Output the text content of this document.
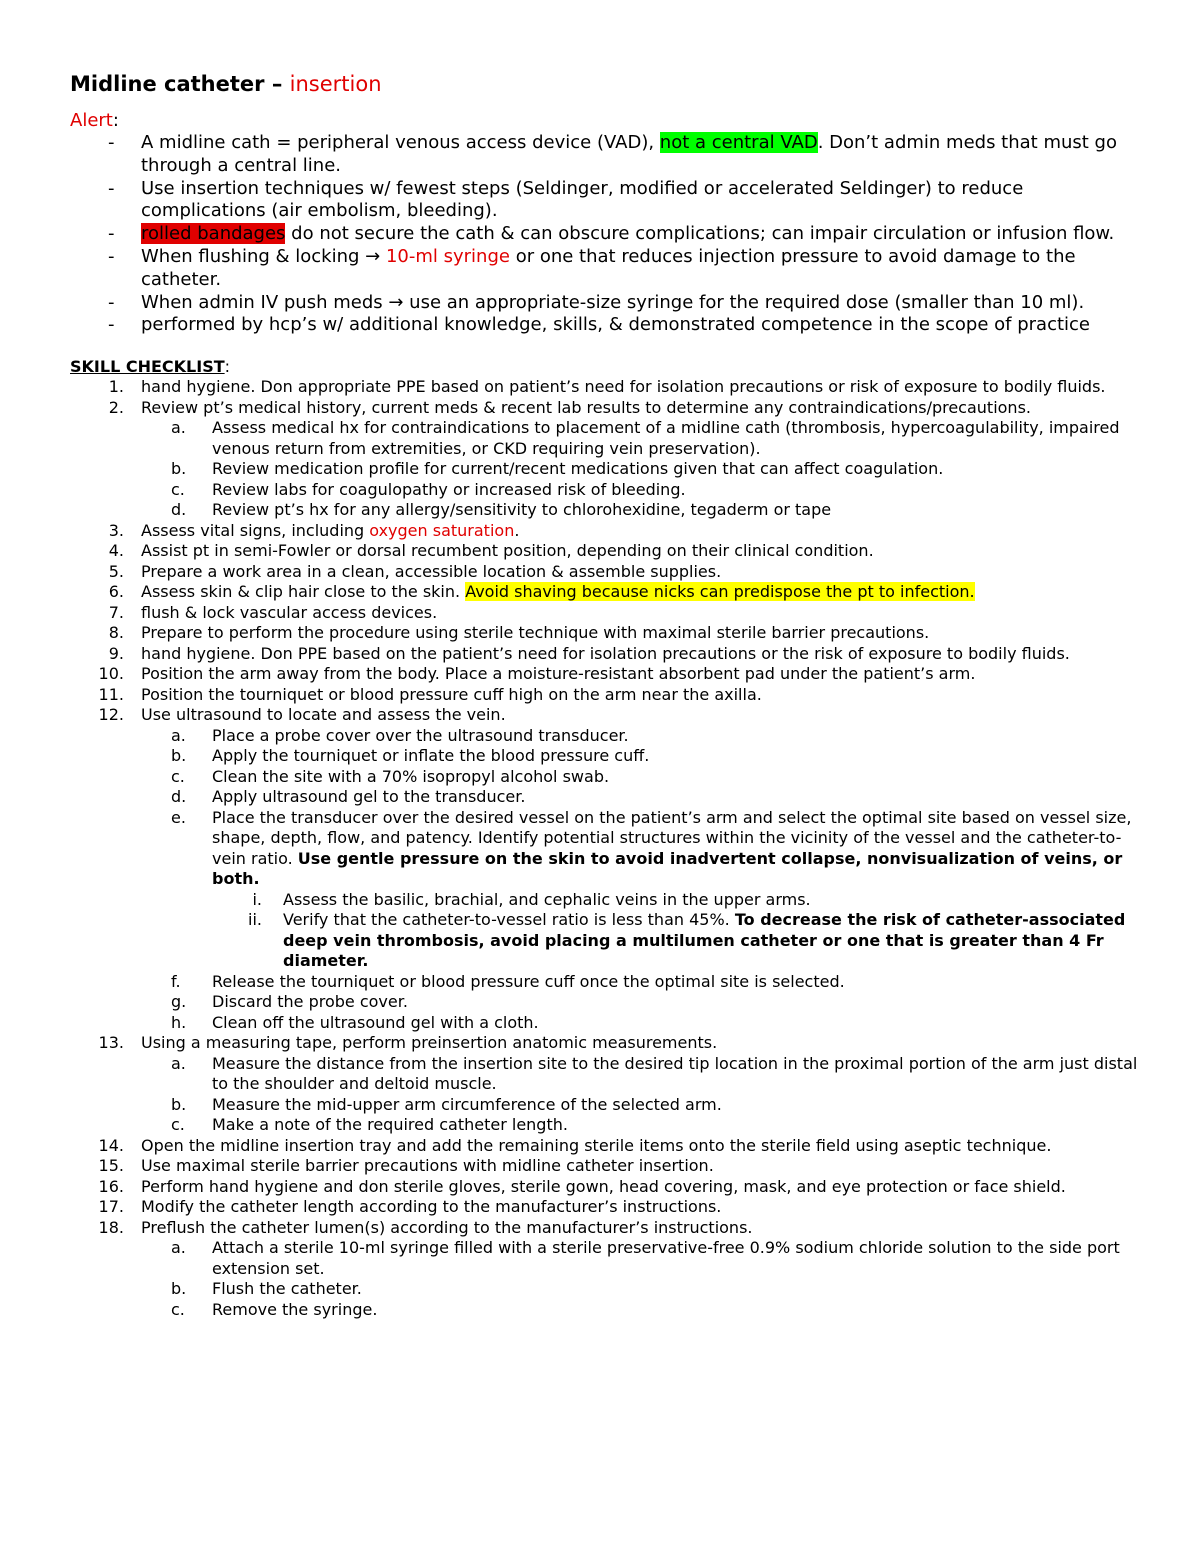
Midline catheter – insertion
Alert:
- A midline cath = peripheral venous access device (VAD), not a central VAD. Don’t admin meds that must go through a central line.
- Use insertion techniques w/ fewest steps (Seldinger, modified or accelerated Seldinger) to reduce complications (air embolism, bleeding).
- rolled bandages do not secure the cath & can obscure complications; can impair circulation or infusion flow.
- When flushing & locking → 10-ml syringe or one that reduces injection pressure to avoid damage to the catheter.
- When admin IV push meds → use an appropriate-size syringe for the required dose (smaller than 10 ml).
- performed by hcp’s w/ additional knowledge, skills, & demonstrated competence in the scope of practice
SKILL CHECKLIST:
1. hand hygiene. Don appropriate PPE based on patient’s need for isolation precautions or risk of exposure to bodily fluids.
2. Review pt’s medical history, current meds & recent lab results to determine any contraindications/precautions.
a.	Assess medical hx for contraindications to placement of a midline cath (thrombosis, hypercoagulability, impaired venous return from extremities, or CKD requiring vein preservation).
b. Review medication profile for current/recent medications given that can affect coagulation.
c.	Review labs for coagulopathy or increased risk of bleeding.
d. Review pt’s hx for any allergy/sensitivity to chlorohexidine, tegaderm or tape
3. Assess vital signs, including oxygen saturation.
4. Assist pt in semi-Fowler or dorsal recumbent position, depending on their clinical condition.
5. Prepare a work area in a clean, accessible location & assemble supplies.
6. Assess skin & clip hair close to the skin. Avoid shaving because nicks can predispose the pt to infection.
7. flush & lock vascular access devices.
8. Prepare to perform the procedure using sterile technique with maximal sterile barrier precautions.
9. hand hygiene. Don PPE based on the patient’s need for isolation precautions or the risk of exposure to bodily fluids.
10. Position the arm away from the body. Place a moisture-resistant absorbent pad under the patient’s arm.
11. Position the tourniquet or blood pressure cuff high on the arm near the axilla.
12. Use ultrasound to locate and assess the vein.
a.	Place a probe cover over the ultrasound transducer.
b. Apply the tourniquet or inflate the blood pressure cuff.
c.	Clean the site with a 70% isopropyl alcohol swab.
d. Apply ultrasound gel to the transducer.
e.	Place the transducer over the desired vessel on the patient’s arm and select the optimal site based on vessel size, shape, depth, flow, and patency. Identify potential structures within the vicinity of the vessel and the catheter-to-vein ratio. Use gentle pressure on the skin to avoid inadvertent collapse, nonvisualization of veins, or both.
i. Assess the basilic, brachial, and cephalic veins in the upper arms.
ii. Verify that the catheter-to-vessel ratio is less than 45%. To decrease the risk of catheter-associated deep vein thrombosis, avoid placing a multilumen catheter or one that is greater than 4 Fr diameter.
f.	Release the tourniquet or blood pressure cuff once the optimal site is selected.
g. Discard the probe cover.
h. Clean off the ultrasound gel with a cloth.
13. Using a measuring tape, perform preinsertion anatomic measurements.
a.	Measure the distance from the insertion site to the desired tip location in the proximal portion of the arm just distal to the shoulder and deltoid muscle.
b. Measure the mid-upper arm circumference of the selected arm.
c.	Make a note of the required catheter length.
14. Open the midline insertion tray and add the remaining sterile items onto the sterile field using aseptic technique.
15. Use maximal sterile barrier precautions with midline catheter insertion.
16. Perform hand hygiene and don sterile gloves, sterile gown, head covering, mask, and eye protection or face shield.
17. Modify the catheter length according to the manufacturer’s instructions.
18. Preflush the catheter lumen(s) according to the manufacturer’s instructions.
a.	Attach a sterile 10-ml syringe filled with a sterile preservative-free 0.9% sodium chloride solution to the side port extension set.
b. Flush the catheter.
c.	Remove the syringe.
